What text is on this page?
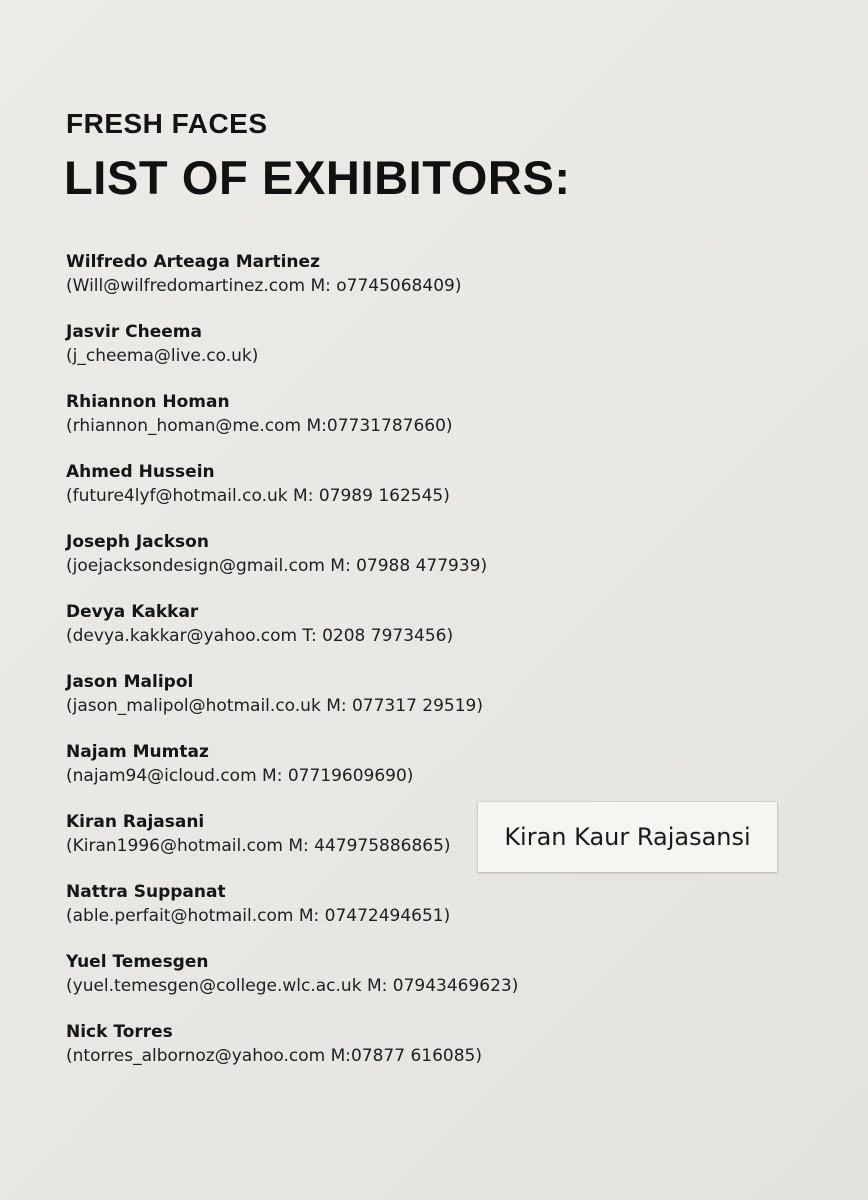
FRESH FACES
LIST OF EXHIBITORS:
Wilfredo Arteaga Martinez
(Will@wilfredomartinez.com M: o7745068409)
Jasvir Cheema
(j_cheema@live.co.uk)
Rhiannon Homan
(rhiannon_homan@me.com M:07731787660)
Ahmed Hussein
(future4lyf@hotmail.co.uk M: 07989 162545)
Joseph Jackson
(joejacksondesign@gmail.com M: 07988 477939)
Devya Kakkar
(devya.kakkar@yahoo.com T: 0208 7973456)
Jason Malipol
(jason_malipol@hotmail.co.uk M: 077317 29519)
Najam Mumtaz
(najam94@icloud.com M: 07719609690)
Kiran Rajasani
(Kiran1996@hotmail.com M: 447975886865)
Nattra Suppanat
(able.perfait@hotmail.com M: 07472494651)
Yuel Temesgen
(yuel.temesgen@college.wlc.ac.uk M: 07943469623)
Nick Torres
(ntorres_albornoz@yahoo.com M:07877 616085)
Kiran Kaur Rajasansi
